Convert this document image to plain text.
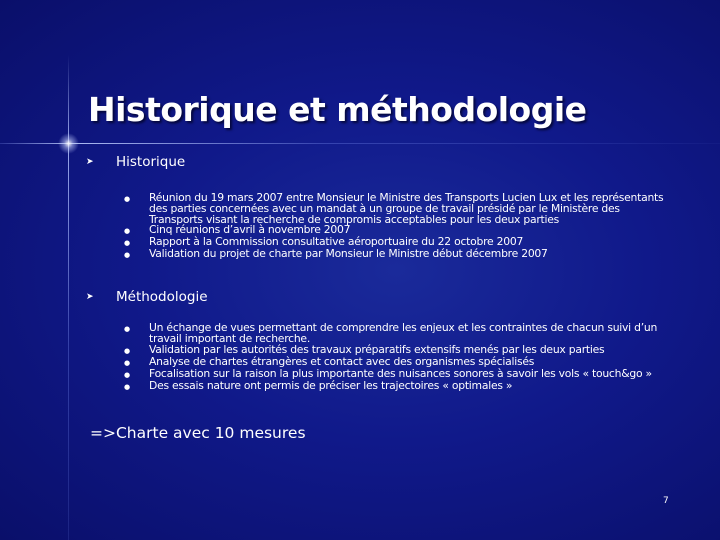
Historique et méthodologie
➤ Historique
●	Réunion du 19 mars 2007 entre Monsieur le Ministre des Transports Lucien Lux et les représentants des parties concernées avec un mandat à un groupe de travail présidé par le Ministère des Transports visant la recherche de compromis acceptables pour les deux parties
●	Cinq réunions d’avril à novembre 2007
●	Rapport à la Commission consultative aéroportuaire du 22 octobre 2007
●	Validation du projet de charte par Monsieur le Ministre début décembre 2007
➤ Méthodologie
●	Un échange de vues permettant de comprendre les enjeux et les contraintes de chacun suivi d’un travail important de recherche.
●	Validation par les autorités des travaux préparatifs extensifs menés par les deux parties
●	Analyse de chartes étrangères et contact avec des organismes spécialisés
●	Focalisation sur la raison la plus importante des nuisances sonores à savoir les vols « touch&go »
●	Des essais nature ont permis de préciser les trajectoires « optimales »
=>Charte avec 10 mesures
7
